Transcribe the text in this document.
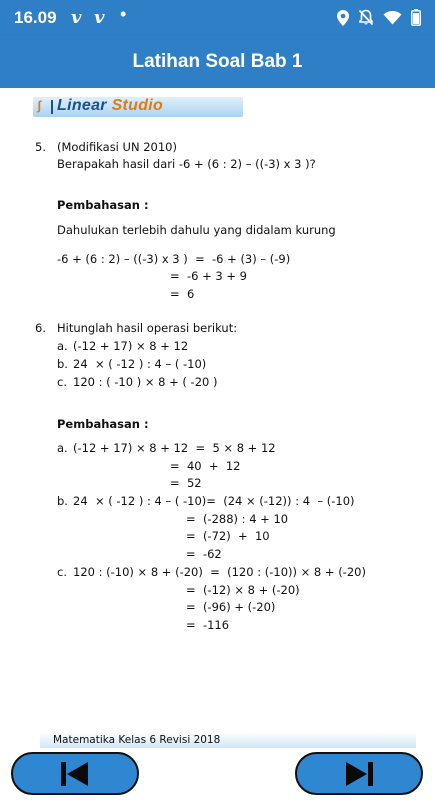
16.09 v v •	x
Latihan Soal Bab 1
ʃ Linear Studio
5. (Modifikasi UN 2010)
Berapakah hasil dari -6 + (6 : 2) – ((-3) x 3 )?
Pembahasan :
Dahulukan terlebih dahulu yang didalam kurung
-6 + (6 : 2) – ((-3) x 3 )  =  -6 + (3) – (-9)
=  -6 + 3 + 9
=  6
6. Hitunglah hasil operasi berikut:
a. (-12 + 17) × 8 + 12
b. 24  × ( -12 ) : 4 – ( -10)
c. 120 : ( -10 ) × 8 + ( -20 )
Pembahasan :
a. (-12 + 17) × 8 + 12  =  5 × 8 + 12
=  40  +  12
=  52
b. 24  × ( -12 ) : 4 – ( -10)=  (24 × (-12)) : 4  – (-10)
=  (-288) : 4 + 10
=  (-72)  +  10
=  -62
c. 120 : (-10) × 8 + (-20)  =  (120 : (-10)) × 8 + (-20)
=  (-12) × 8 + (-20)
=  (-96) + (-20)
=  -116
Matematika Kelas 6 Revisi 2018
